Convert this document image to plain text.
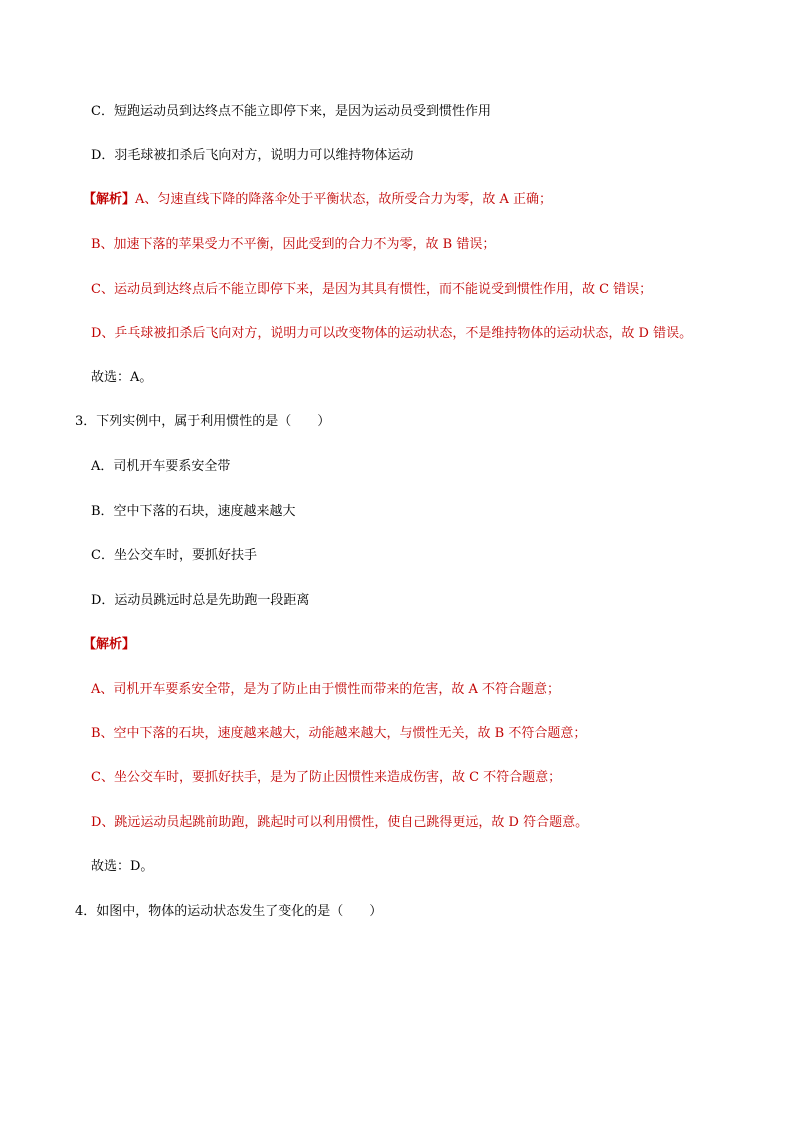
C．短跑运动员到达终点不能立即停下来，是因为运动员受到惯性作用
D．羽毛球被扣杀后飞向对方，说明力可以维持物体运动
【解析】A、匀速直线下降的降落伞处于平衡状态，故所受合力为零，故 A 正确；
B、加速下落的苹果受力不平衡，因此受到的合力不为零，故 B 错误；
C、运动员到达终点后不能立即停下来，是因为其具有惯性，而不能说受到惯性作用，故 C 错误；
D、乒乓球被扣杀后飞向对方，说明力可以改变物体的运动状态，不是维持物体的运动状态，故 D 错误。
故选：A。
3．下列实例中，属于利用惯性的是（　　）
A．司机开车要系安全带
B．空中下落的石块，速度越来越大
C．坐公交车时，要抓好扶手
D．运动员跳远时总是先助跑一段距离
【解析】
A、司机开车要系安全带，是为了防止由于惯性而带来的危害，故 A 不符合题意；
B、空中下落的石块，速度越来越大，动能越来越大，与惯性无关，故 B 不符合题意；
C、坐公交车时，要抓好扶手，是为了防止因惯性来造成伤害，故 C 不符合题意；
D、跳远运动员起跳前助跑，跳起时可以利用惯性，使自己跳得更远，故 D 符合题意。
故选：D。
4．如图中，物体的运动状态发生了变化的是（　　）
